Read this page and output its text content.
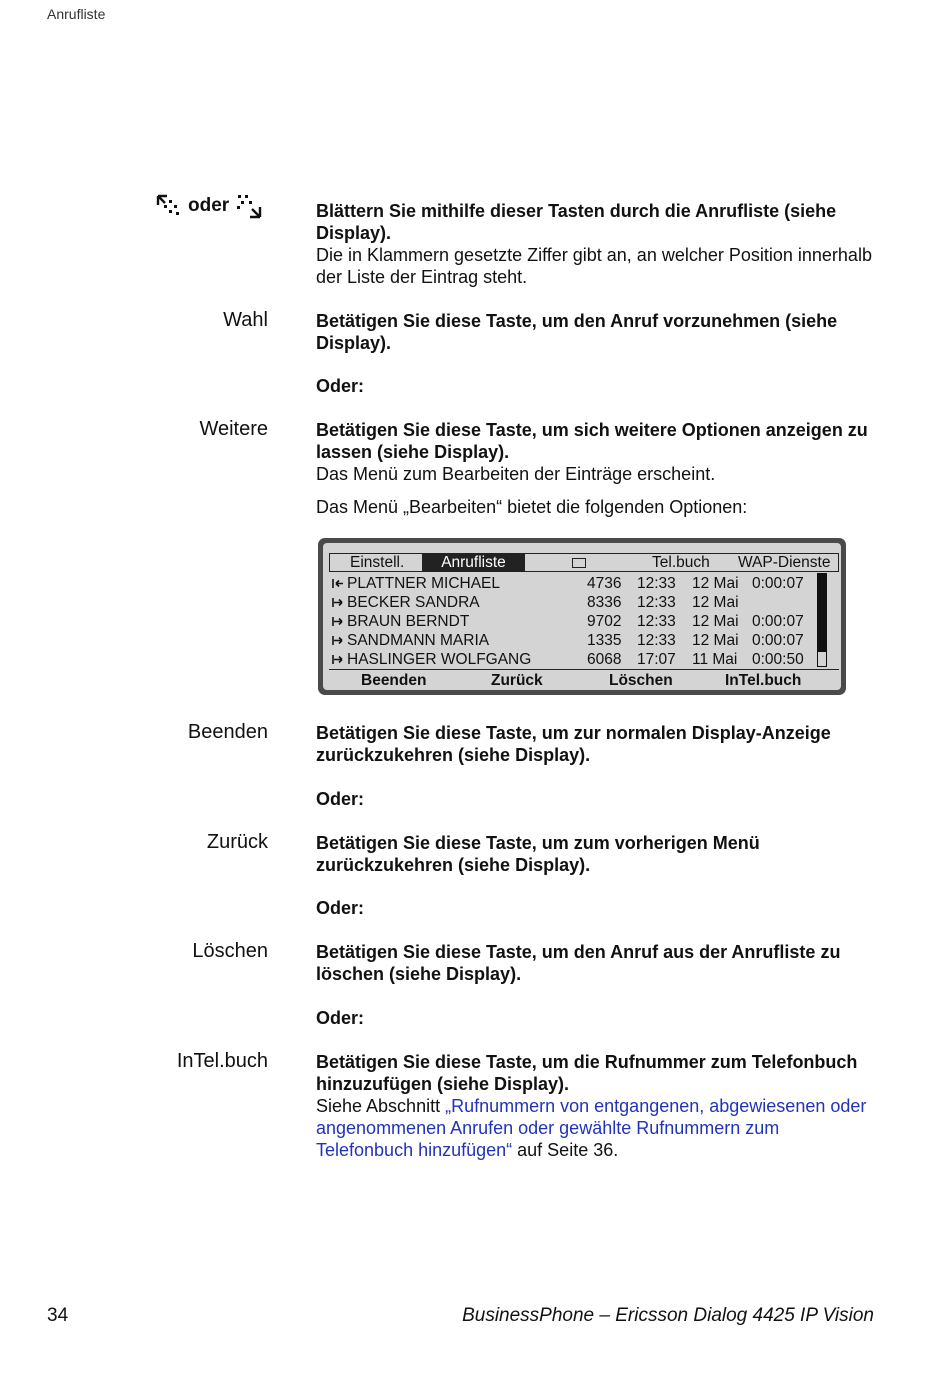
Anrufliste
oder	Blättern Sie mithilfe dieser Tasten durch die Anrufliste (siehe Display).

Die in Klammern gesetzte Ziffer gibt an, an welcher Position innerhalb der Liste der Eintrag steht.

Wahl	Betätigen Sie diese Taste, um den Anruf vorzunehmen (siehe Display).

Oder:
Weitere	Betätigen Sie diese Taste, um sich weitere Optionen anzeigen zu lassen (siehe Display).

Das Menü zum Bearbeiten der Einträge erscheint.

Das Menü „Bearbeiten“ bietet die folgenden Optionen:

Einstell.	Anrufliste	Tel.buch WAP-Dienste
PLATTNER MICHAEL	4736 12:33 12 Mai 0:00:07
BECKER SANDRA	8336 12:33 12 Mai
BRAUN BERNDT	9702 12:33 12 Mai 0:00:07
SANDMANN MARIA	1335 12:33 12 Mai 0:00:07
HASLINGER WOLFGANG	6068 17:07 11 Mai 0:00:50
Beenden	Zurück	Löschen	InTel.buch
Beenden	Betätigen Sie diese Taste, um zur normalen Display-Anzeige zurückzukehren (siehe Display).

Oder:
Zurück	Betätigen Sie diese Taste, um zum vorherigen Menü zurückzukehren (siehe Display).

Oder:
Löschen	Betätigen Sie diese Taste, um den Anruf aus der Anrufliste zu löschen (siehe Display).

Oder:
InTel.buch	Betätigen Sie diese Taste, um die Rufnummer zum Telefonbuch hinzuzufügen (siehe Display).

Siehe Abschnitt „Rufnummern von entgangenen, abgewiesenen oder angenommenen Anrufen oder gewählte Rufnummern zum Telefonbuch hinzufügen“ auf Seite 36.

34	BusinessPhone – Ericsson Dialog 4425 IP Vision
